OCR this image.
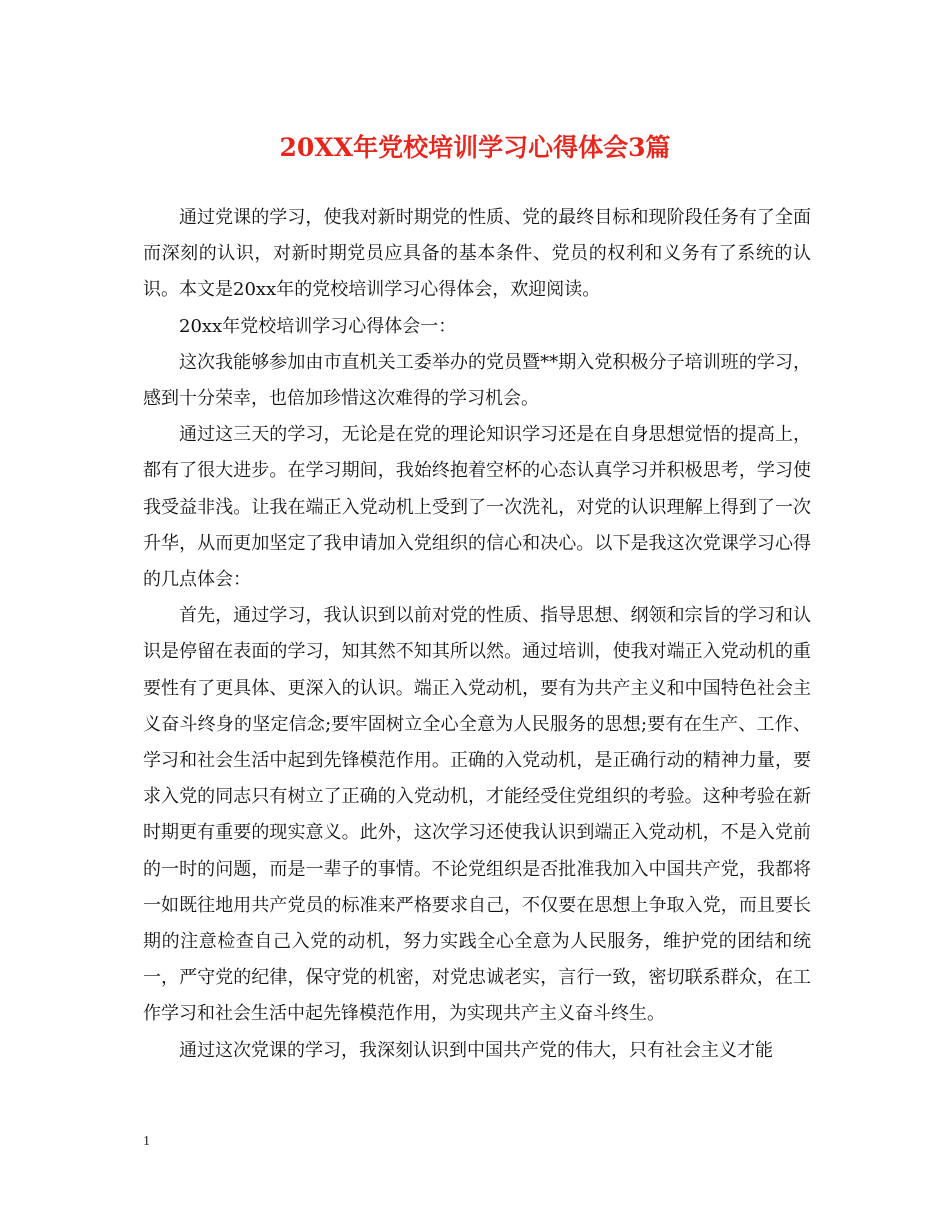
20XX年党校培训学习心得体会3篇

通过党课的学习，使我对新时期党的性质、党的最终目标和现阶段任务有了全面而深刻的认识，对新时期党员应具备的基本条件、党员的权利和义务有了系统的认识。本文是20xx年的党校培训学习心得体会，欢迎阅读。

20xx年党校培训学习心得体会一：

这次我能够参加由市直机关工委举办的党员暨**期入党积极分子培训班的学习，感到十分荣幸，也倍加珍惜这次难得的学习机会。

通过这三天的学习，无论是在党的理论知识学习还是在自身思想觉悟的提高上，都有了很大进步。在学习期间，我始终抱着空杯的心态认真学习并积极思考，学习使我受益非浅。让我在端正入党动机上受到了一次洗礼，对党的认识理解上得到了一次升华，从而更加坚定了我申请加入党组织的信心和决心。以下是我这次党课学习心得的几点体会：

首先，通过学习，我认识到以前对党的性质、指导思想、纲领和宗旨的学习和认识是停留在表面的学习，知其然不知其所以然。通过培训，使我对端正入党动机的重要性有了更具体、更深入的认识。端正入党动机，要有为共产主义和中国特色社会主义奋斗终身的坚定信念;要牢固树立全心全意为人民服务的思想;要有在生产、工作、学习和社会生活中起到先锋模范作用。正确的入党动机，是正确行动的精神力量，要求入党的同志只有树立了正确的入党动机，才能经受住党组织的考验。这种考验在新时期更有重要的现实意义。此外，这次学习还使我认识到端正入党动机，不是入党前的一时的问题，而是一辈子的事情。不论党组织是否批准我加入中国共产党，我都将一如既往地用共产党员的标准来严格要求自己，不仅要在思想上争取入党，而且要长期的注意检查自己入党的动机，努力实践全心全意为人民服务，维护党的团结和统一，严守党的纪律，保守党的机密，对党忠诚老实，言行一致，密切联系群众，在工作学习和社会生活中起先锋模范作用，为实现共产主义奋斗终生。

通过这次党课的学习，我深刻认识到中国共产党的伟大，只有社会主义才能

1
